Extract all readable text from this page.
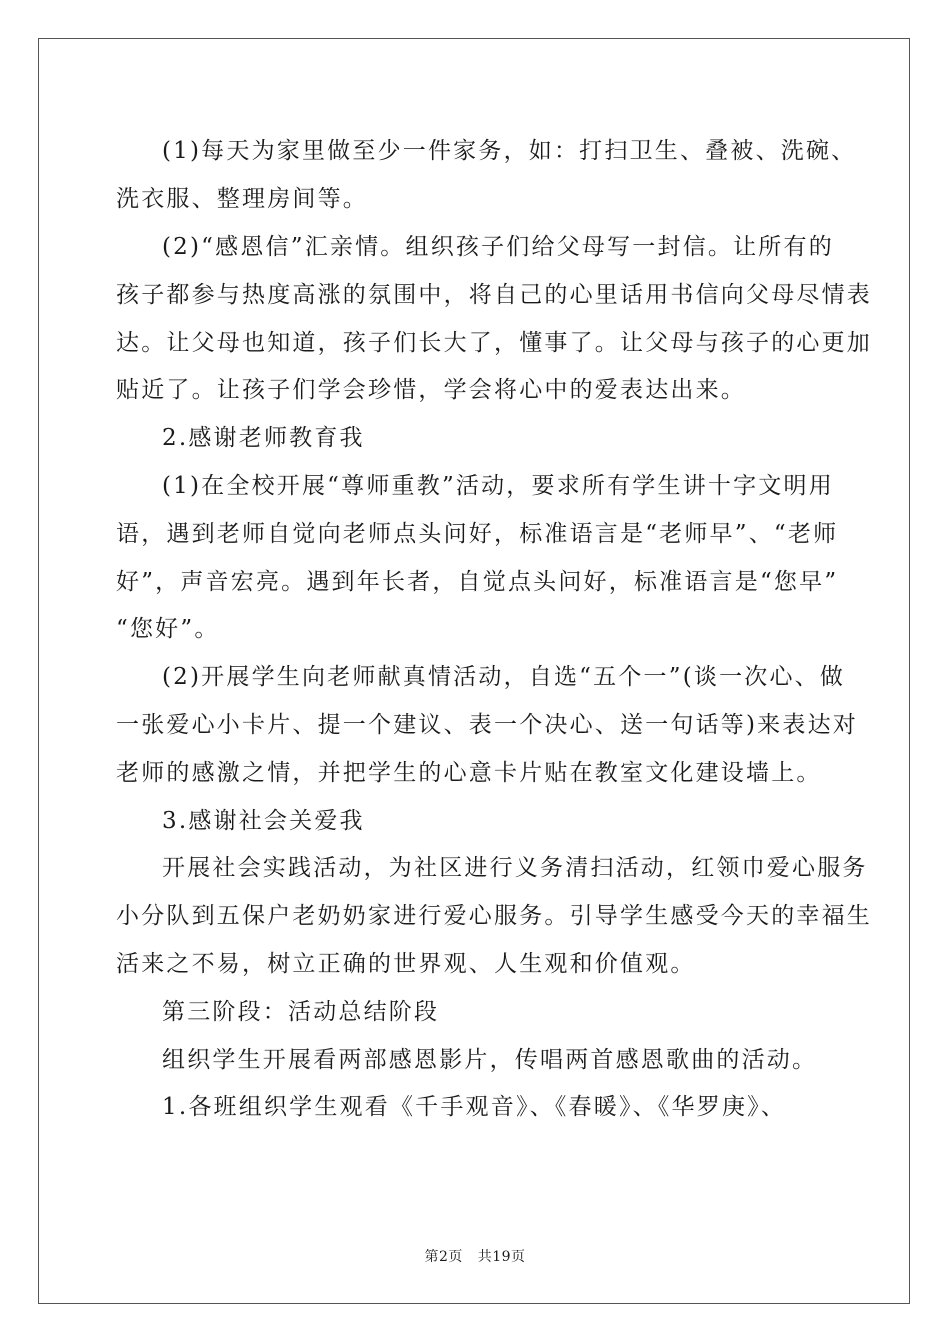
(1)每天为家里做至少一件家务，如：打扫卫生、叠被、洗碗、
洗衣服、整理房间等。
(2)“感恩信”汇亲情。组织孩子们给父母写一封信。让所有的
孩子都参与热度高涨的氛围中，将自己的心里话用书信向父母尽情表
达。让父母也知道，孩子们长大了，懂事了。让父母与孩子的心更加
贴近了。让孩子们学会珍惜，学会将心中的爱表达出来。
2.感谢老师教育我
(1)在全校开展“尊师重教”活动，要求所有学生讲十字文明用
语，遇到老师自觉向老师点头问好，标准语言是“老师早”、“老师
好”，声音宏亮。遇到年长者，自觉点头问好，标准语言是“您早”
“您好”。
(2)开展学生向老师献真情活动，自选“五个一”(谈一次心、做
一张爱心小卡片、提一个建议、表一个决心、送一句话等)来表达对
老师的感激之情，并把学生的心意卡片贴在教室文化建设墙上。
3.感谢社会关爱我
开展社会实践活动，为社区进行义务清扫活动，红领巾爱心服务
小分队到五保户老奶奶家进行爱心服务。引导学生感受今天的幸福生
活来之不易，树立正确的世界观、人生观和价值观。
第三阶段：活动总结阶段
组织学生开展看两部感恩影片，传唱两首感恩歌曲的活动。
1.各班组织学生观看《千手观音》、《春暖》、《华罗庚》、
第2页   共19页
